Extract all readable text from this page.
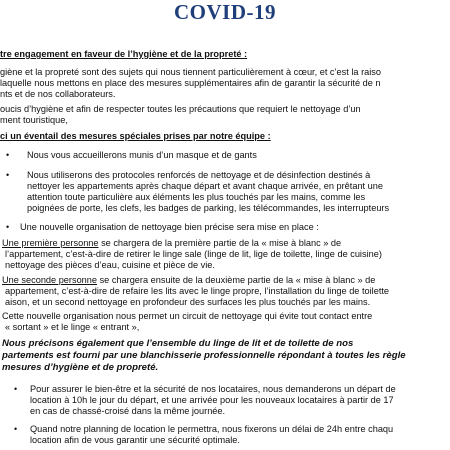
COVID-19
tre engagement en faveur de l’hygiène et de la propreté :
giène et la propreté sont des sujets qui nous tiennent particulièrement à cœur, et c’est la raiso
laquelle nous mettons en place des mesures supplémentaires afin de garantir la sécurité de n
nts et de nos collaborateurs.
oucis d’hygiène et afin de respecter toutes les précautions que requiert le nettoyage d’un
ment touristique,
ci un éventail des mesures spéciales prises par notre équipe :
• Nous vous accueillerons munis d’un masque et de gants
• Nous utiliserons des protocoles renforcés de nettoyage et de désinfection destinés à
nettoyer les appartements après chaque départ et avant chaque arrivée, en prêtant une
attention toute particulière aux éléments les plus touchés par les mains, comme les
poignées de porte, les clefs, les badges de parking, les télécommandes, les interrupteurs
• Une nouvelle organisation de nettoyage bien précise sera mise en place :
Une première personne se chargera de la première partie de la « mise à blanc » de
l’appartement, c’est-à-dire de retirer le linge sale (linge de lit, lige de toilette, linge de cuisine)
nettoyage des pièces d’eau, cuisine et pièce de vie.
Une seconde personne se chargera ensuite de la deuxième partie de la « mise à blanc » de
appartement, c’est-à-dire de refaire les lits avec le linge propre, l’installation du linge de toilette
aison, et un second nettoyage en profondeur des surfaces les plus touchés par les mains.
Cette nouvelle organisation nous permet un circuit de nettoyage qui évite tout contact entre
« sortant » et le linge « entrant »,
Nous précisons également que l’ensemble du linge de lit et de toilette de nos
partements est fourni par une blanchisserie professionnelle répondant à toutes les règle
mesures d’hygiène et de propreté.
• Pour assurer le bien-être et la sécurité de nos locataires, nous demanderons un départ de
location à 10h le jour du départ, et une arrivée pour les nouveaux locataires à partir de 17
en cas de chassé-croisé dans la même journée.
• Quand notre planning de location le permettra, nous fixerons un délai de 24h entre chaqu
location afin de vous garantir une sécurité optimale.
